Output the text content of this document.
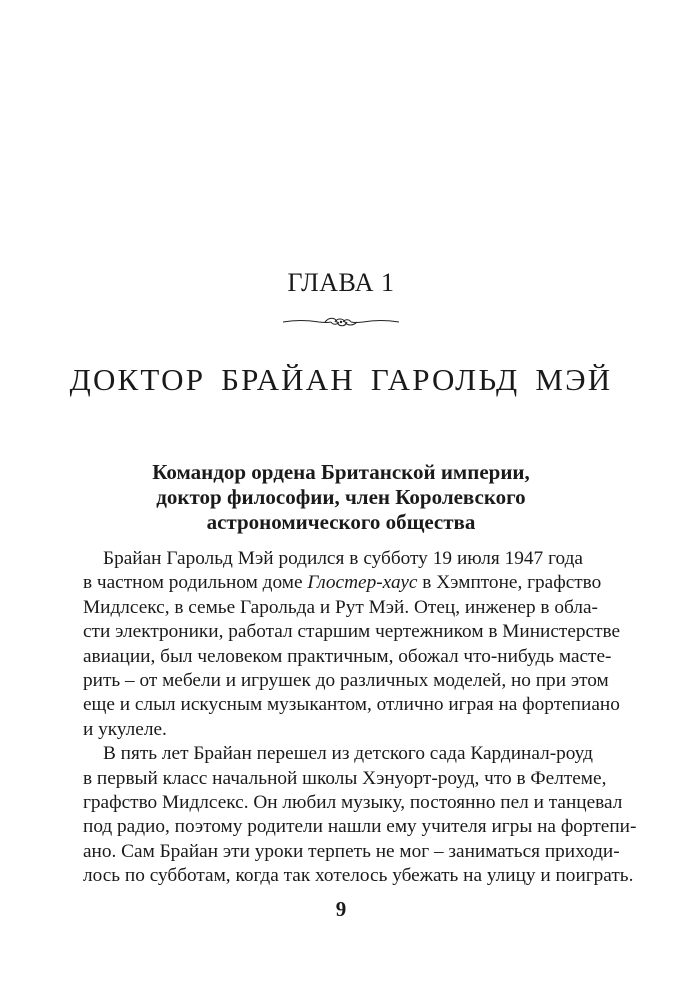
ГЛАВА 1
ДОКТОР БРАЙАН ГАРОЛЬД МЭЙ
Командор ордена Британской империи,
доктор философии, член Королевского
астрономического общества
Брайан Гарольд Мэй родился в субботу 19 июля 1947 года
в частном родильном доме Глостер-хаус в Хэмптоне, графство
Мидлсекс, в семье Гарольда и Рут Мэй. Отец, инженер в обла-
сти электроники, работал старшим чертежником в Министерстве
авиации, был человеком практичным, обожал что-нибудь масте-
рить – от мебели и игрушек до различных моделей, но при этом
еще и слыл искусным музыкантом, отлично играя на фортепиано
и укулеле.
В пять лет Брайан перешел из детского сада Кардинал-роуд
в первый класс начальной школы Хэнуорт-роуд, что в Фелтеме,
графство Мидлсекс. Он любил музыку, постоянно пел и танцевал
под радио, поэтому родители нашли ему учителя игры на фортепи-
ано. Сам Брайан эти уроки терпеть не мог – заниматься приходи-
лось по субботам, когда так хотелось убежать на улицу и поиграть.
9
